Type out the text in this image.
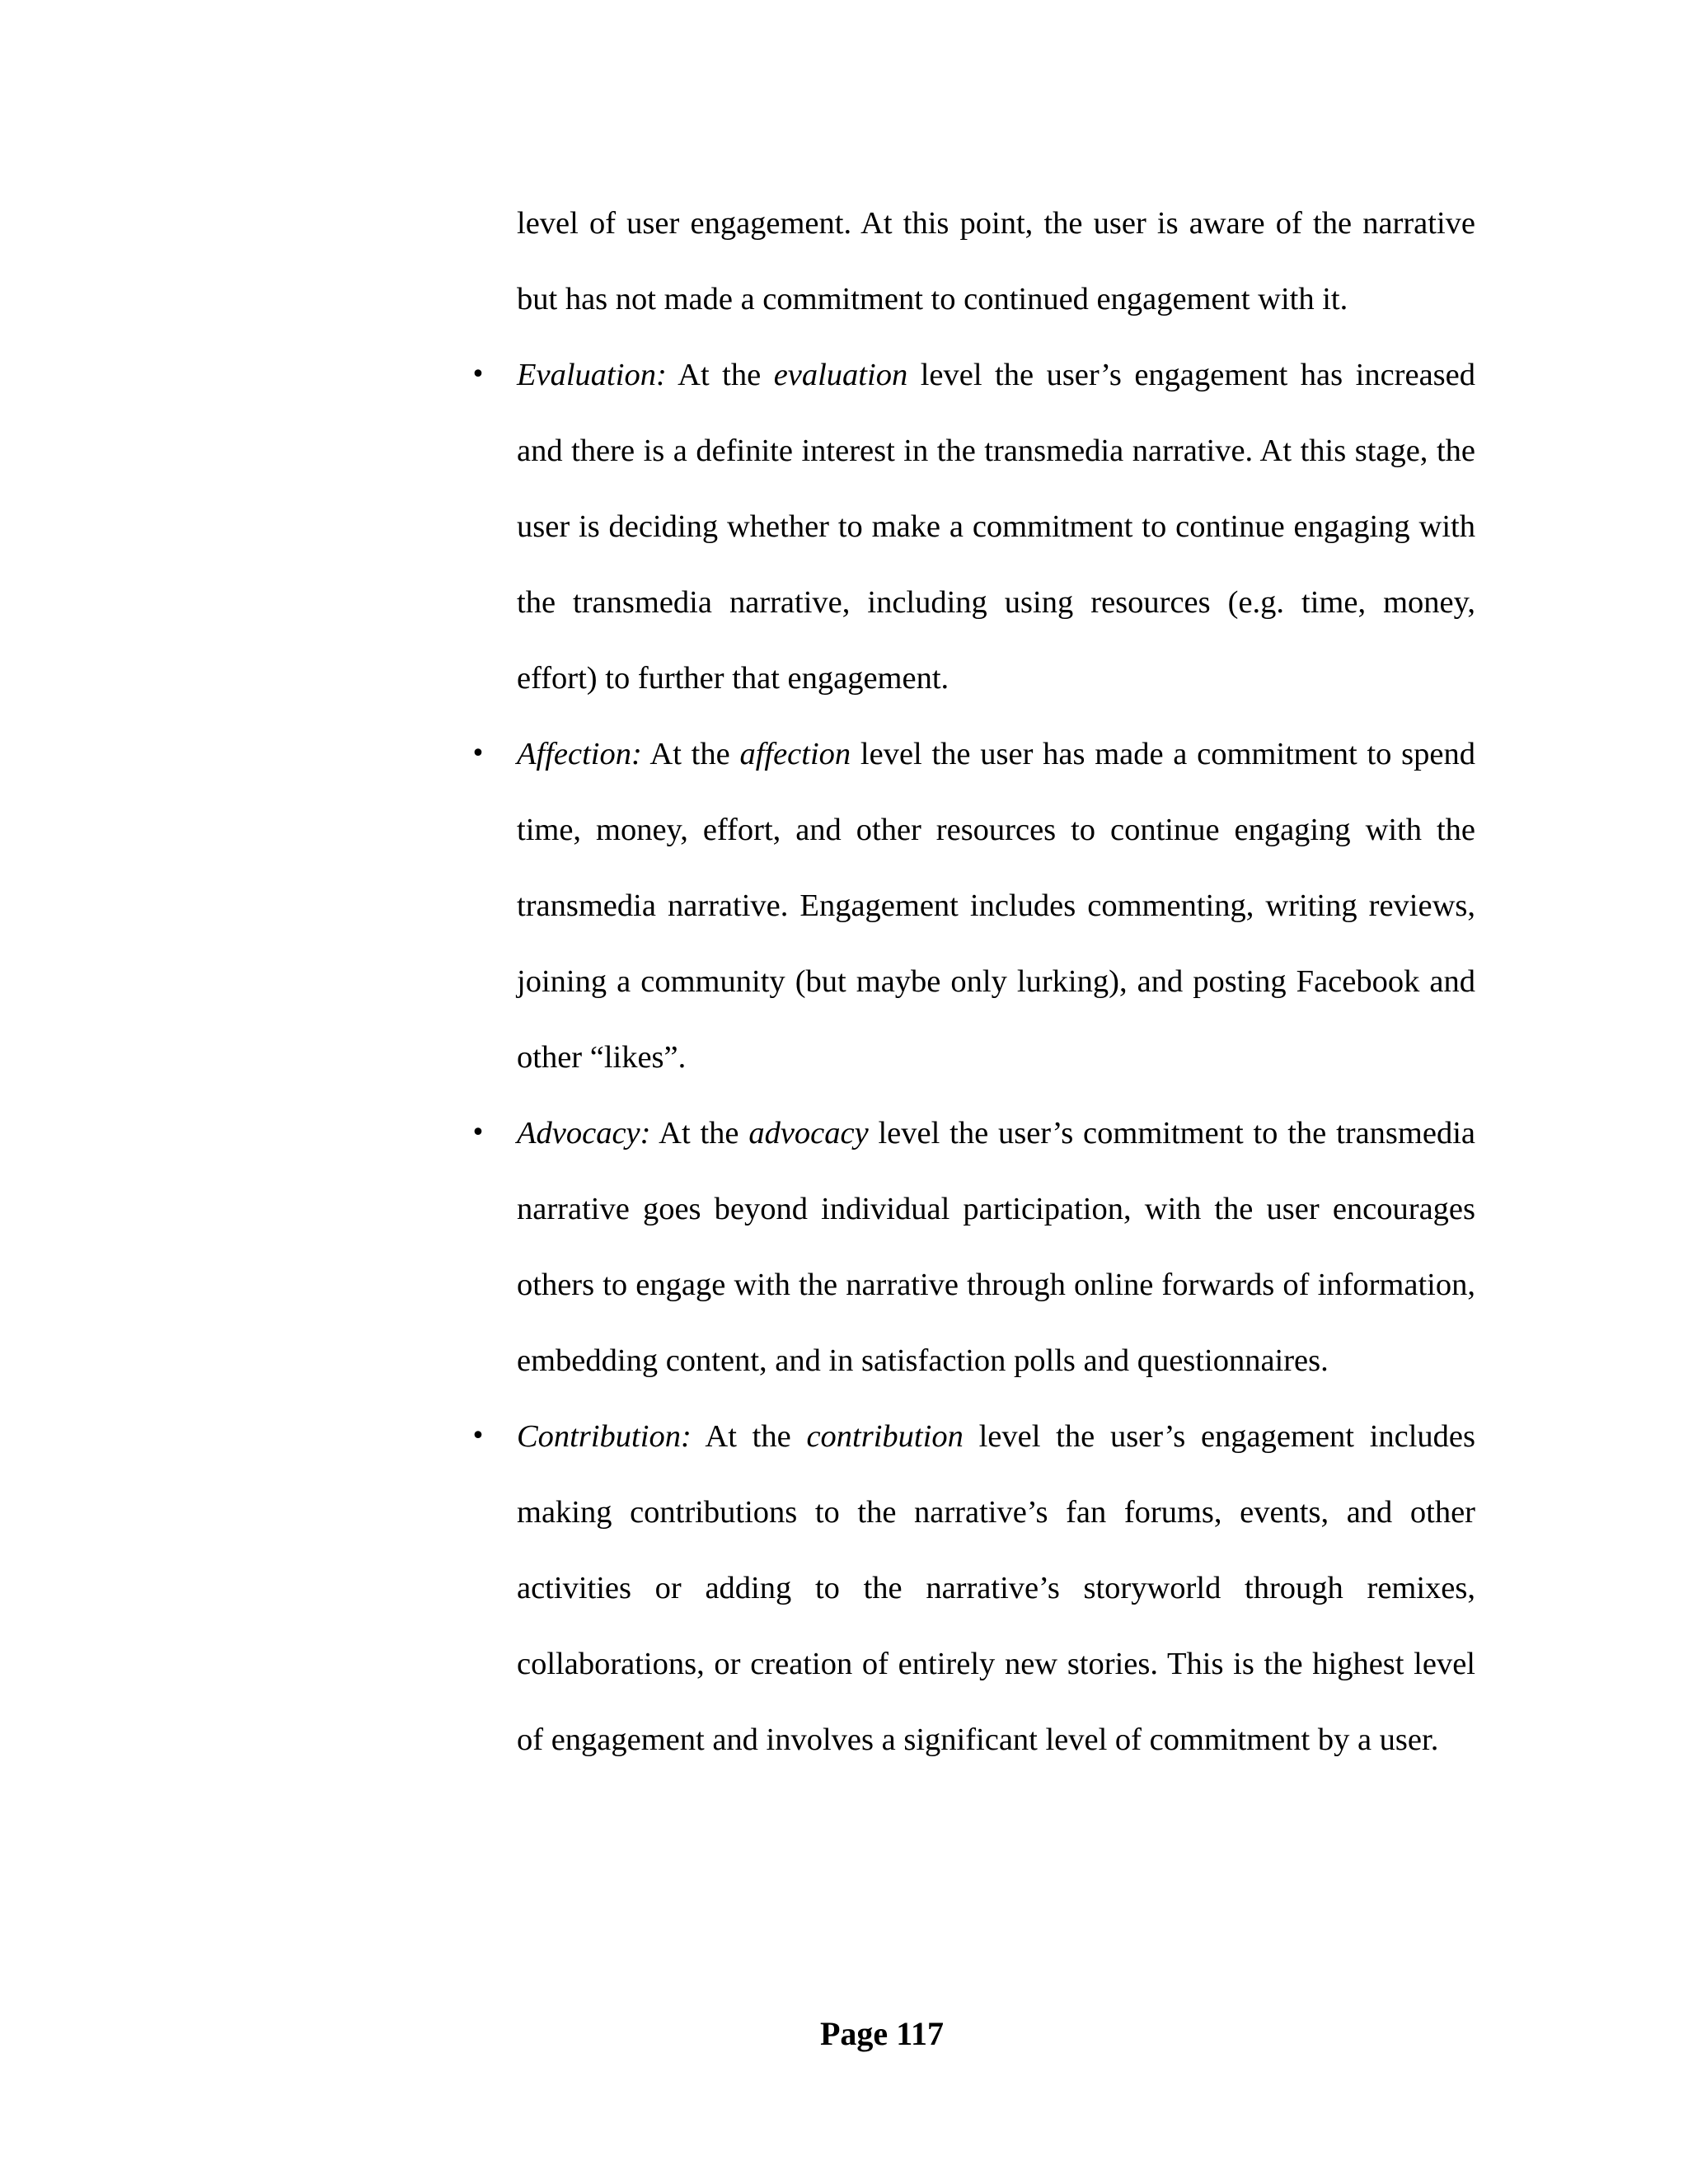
level of user engagement. At this point, the user is aware of the narrative but has not made a commitment to continued engagement with it.

• Evaluation: At the evaluation level the user’s engagement has increased and there is a definite interest in the transmedia narrative. At this stage, the user is deciding whether to make a commitment to continue engaging with the transmedia narrative, including using resources (e.g. time, money, effort) to further that engagement.

• Affection: At the affection level the user has made a commitment to spend time, money, effort, and other resources to continue engaging with the transmedia narrative. Engagement includes commenting, writing reviews, joining a community (but maybe only lurking), and posting Facebook and other “likes”.

• Advocacy: At the advocacy level the user’s commitment to the transmedia narrative goes beyond individual participation, with the user encourages others to engage with the narrative through online forwards of information, embedding content, and in satisfaction polls and questionnaires.

• Contribution: At the contribution level the user’s engagement includes making contributions to the narrative’s fan forums, events, and other activities or adding to the narrative’s storyworld through remixes, collaborations, or creation of entirely new stories. This is the highest level of engagement and involves a significant level of commitment by a user.

Page 117
